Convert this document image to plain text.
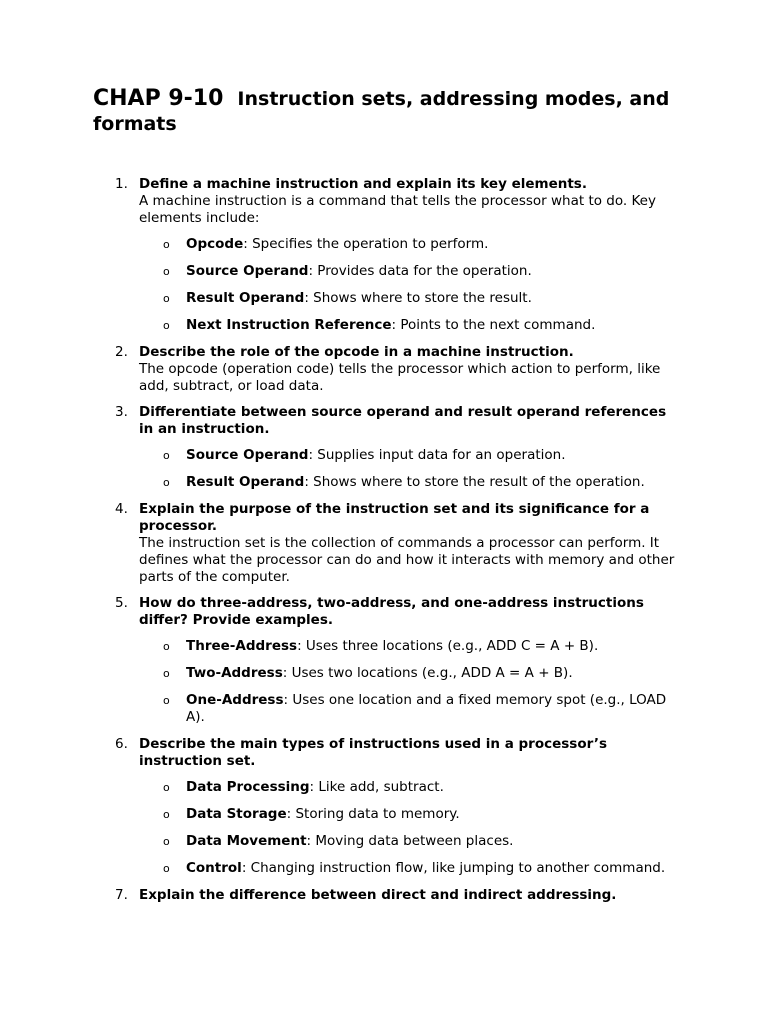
CHAP 9-10 Instruction sets, addressing modes, and formats
1. Define a machine instruction and explain its key elements.
A machine instruction is a command that tells the processor what to do. Key elements include:
o Opcode: Specifies the operation to perform.
o Source Operand: Provides data for the operation.
o Result Operand: Shows where to store the result.
o Next Instruction Reference: Points to the next command.
2. Describe the role of the opcode in a machine instruction.
The opcode (operation code) tells the processor which action to perform, like add, subtract, or load data.
3. Differentiate between source operand and result operand references in an instruction.
o Source Operand: Supplies input data for an operation.
o Result Operand: Shows where to store the result of the operation.
4. Explain the purpose of the instruction set and its significance for a processor.
The instruction set is the collection of commands a processor can perform. It defines what the processor can do and how it interacts with memory and other parts of the computer.
5. How do three-address, two-address, and one-address instructions differ? Provide examples.
o Three-Address: Uses three locations (e.g., ADD C = A + B).
o Two-Address: Uses two locations (e.g., ADD A = A + B).
o One-Address: Uses one location and a fixed memory spot (e.g., LOAD A).
6. Describe the main types of instructions used in a processor’s instruction set.
o Data Processing: Like add, subtract.
o Data Storage: Storing data to memory.
o Data Movement: Moving data between places.
o Control: Changing instruction flow, like jumping to another command.
7. Explain the difference between direct and indirect addressing.
